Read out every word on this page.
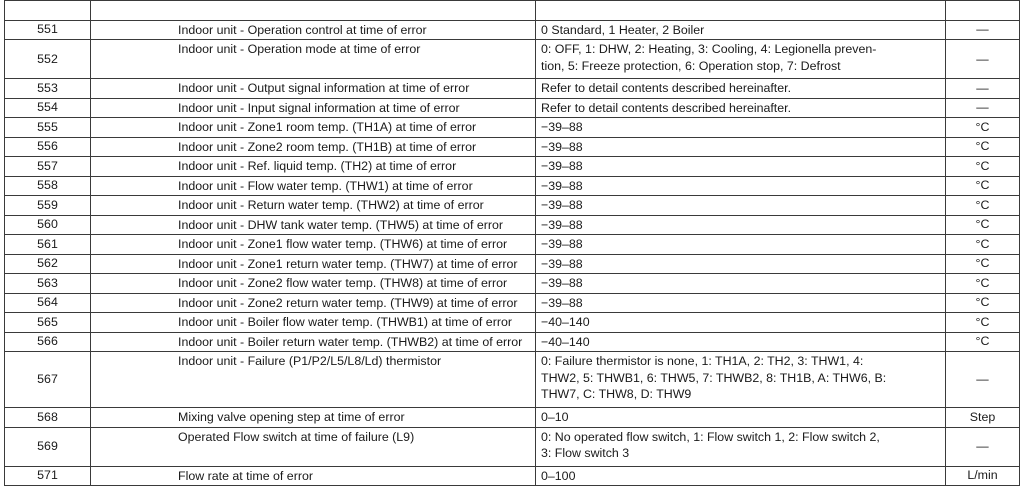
551	Indoor unit - Operation control at time of error	0 Standard, 1 Heater, 2 Boiler	—
552	Indoor unit - Operation mode at time of error	0: OFF, 1: DHW, 2: Heating, 3: Cooling, 4: Legionella preven-
tion, 5: Freeze protection, 6: Operation stop, 7: Defrost	—
553	Indoor unit - Output signal information at time of error	Refer to detail contents described hereinafter.	—
554	Indoor unit - Input signal information at time of error	Refer to detail contents described hereinafter.	—
555	Indoor unit - Zone1 room temp. (TH1A) at time of error	−39–88	°C
556	Indoor unit - Zone2 room temp. (TH1B) at time of error	−39–88	°C
557	Indoor unit - Ref. liquid temp. (TH2) at time of error	−39–88	°C
558	Indoor unit - Flow water temp. (THW1) at time of error	−39–88	°C
559	Indoor unit - Return water temp. (THW2) at time of error	−39–88	°C
560	Indoor unit - DHW tank water temp. (THW5) at time of error	−39–88	°C
561	Indoor unit - Zone1 flow water temp. (THW6) at time of error	−39–88	°C
562	Indoor unit - Zone1 return water temp. (THW7) at time of error	−39–88	°C
563	Indoor unit - Zone2 flow water temp. (THW8) at time of error	−39–88	°C
564	Indoor unit - Zone2 return water temp. (THW9) at time of error	−39–88	°C
565	Indoor unit - Boiler flow water temp. (THWB1) at time of error	−40–140	°C
566	Indoor unit - Boiler return water temp. (THWB2) at time of error	−40–140	°C
567	Indoor unit - Failure (P1/P2/L5/L8/Ld) thermistor	0: Failure thermistor is none, 1: TH1A, 2: TH2, 3: THW1, 4:
THW2, 5: THWB1, 6: THW5, 7: THWB2, 8: TH1B, A: THW6, B:
THW7, C: THW8, D: THW9	—
568	Mixing valve opening step at time of error	0–10	Step
569	Operated Flow switch at time of failure (L9)	0: No operated flow switch, 1: Flow switch 1, 2: Flow switch 2,
3: Flow switch 3	—
571	Flow rate at time of error	0–100	L/min
